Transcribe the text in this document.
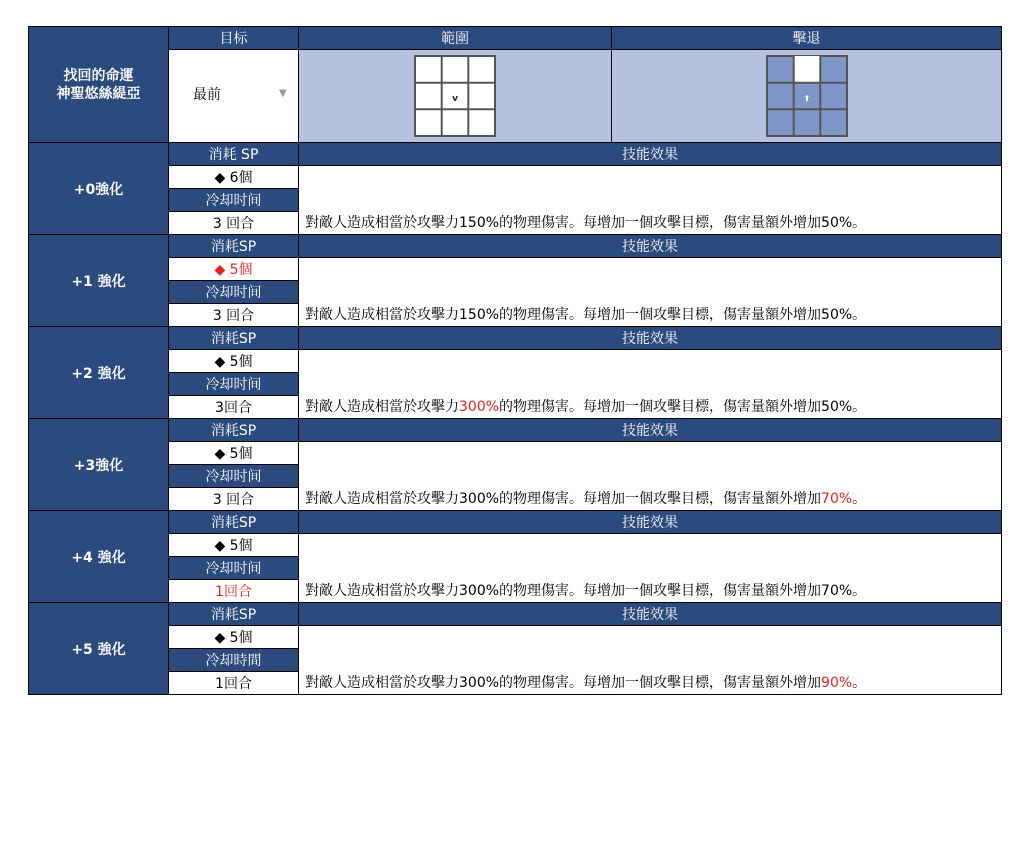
找回的命運
神聖悠絲緹亞	目标	範圍	擊退

	最前 ▼	v	⬆

+0強化	消耗 SP	技能效果	
	◆ 6個	對敵人造成相當於攻擊力150%的物理傷害。每增加一個攻擊目標，傷害量額外增加50%。	
	冷却时间		
	3 回合		
+1 強化	消耗SP	技能效果	
	◆ 5個	對敵人造成相當於攻擊力150%的物理傷害。每增加一個攻擊目標，傷害量額外增加50%。	
	冷却时间		
	3 回合		
+2 強化	消耗SP	技能效果	
	◆ 5個	對敵人造成相當於攻擊力300%的物理傷害。每增加一個攻擊目標，傷害量額外增加50%。	
	冷却时间		
	3回合		
+3強化	消耗SP	技能效果	
	◆ 5個	對敵人造成相當於攻擊力300%的物理傷害。每增加一個攻擊目標，傷害量額外增加70%。	
	冷却时间		
	3 回合		
+4 強化	消耗SP	技能效果	
	◆ 5個	對敵人造成相當於攻擊力300%的物理傷害。每增加一個攻擊目標，傷害量額外增加70%。	
	冷却时间		
	1回合		
+5 強化	消耗SP	技能效果	
	◆ 5個	對敵人造成相當於攻擊力300%的物理傷害。每增加一個攻擊目標，傷害量額外增加90%。	
	冷却時間		
	1回合		
